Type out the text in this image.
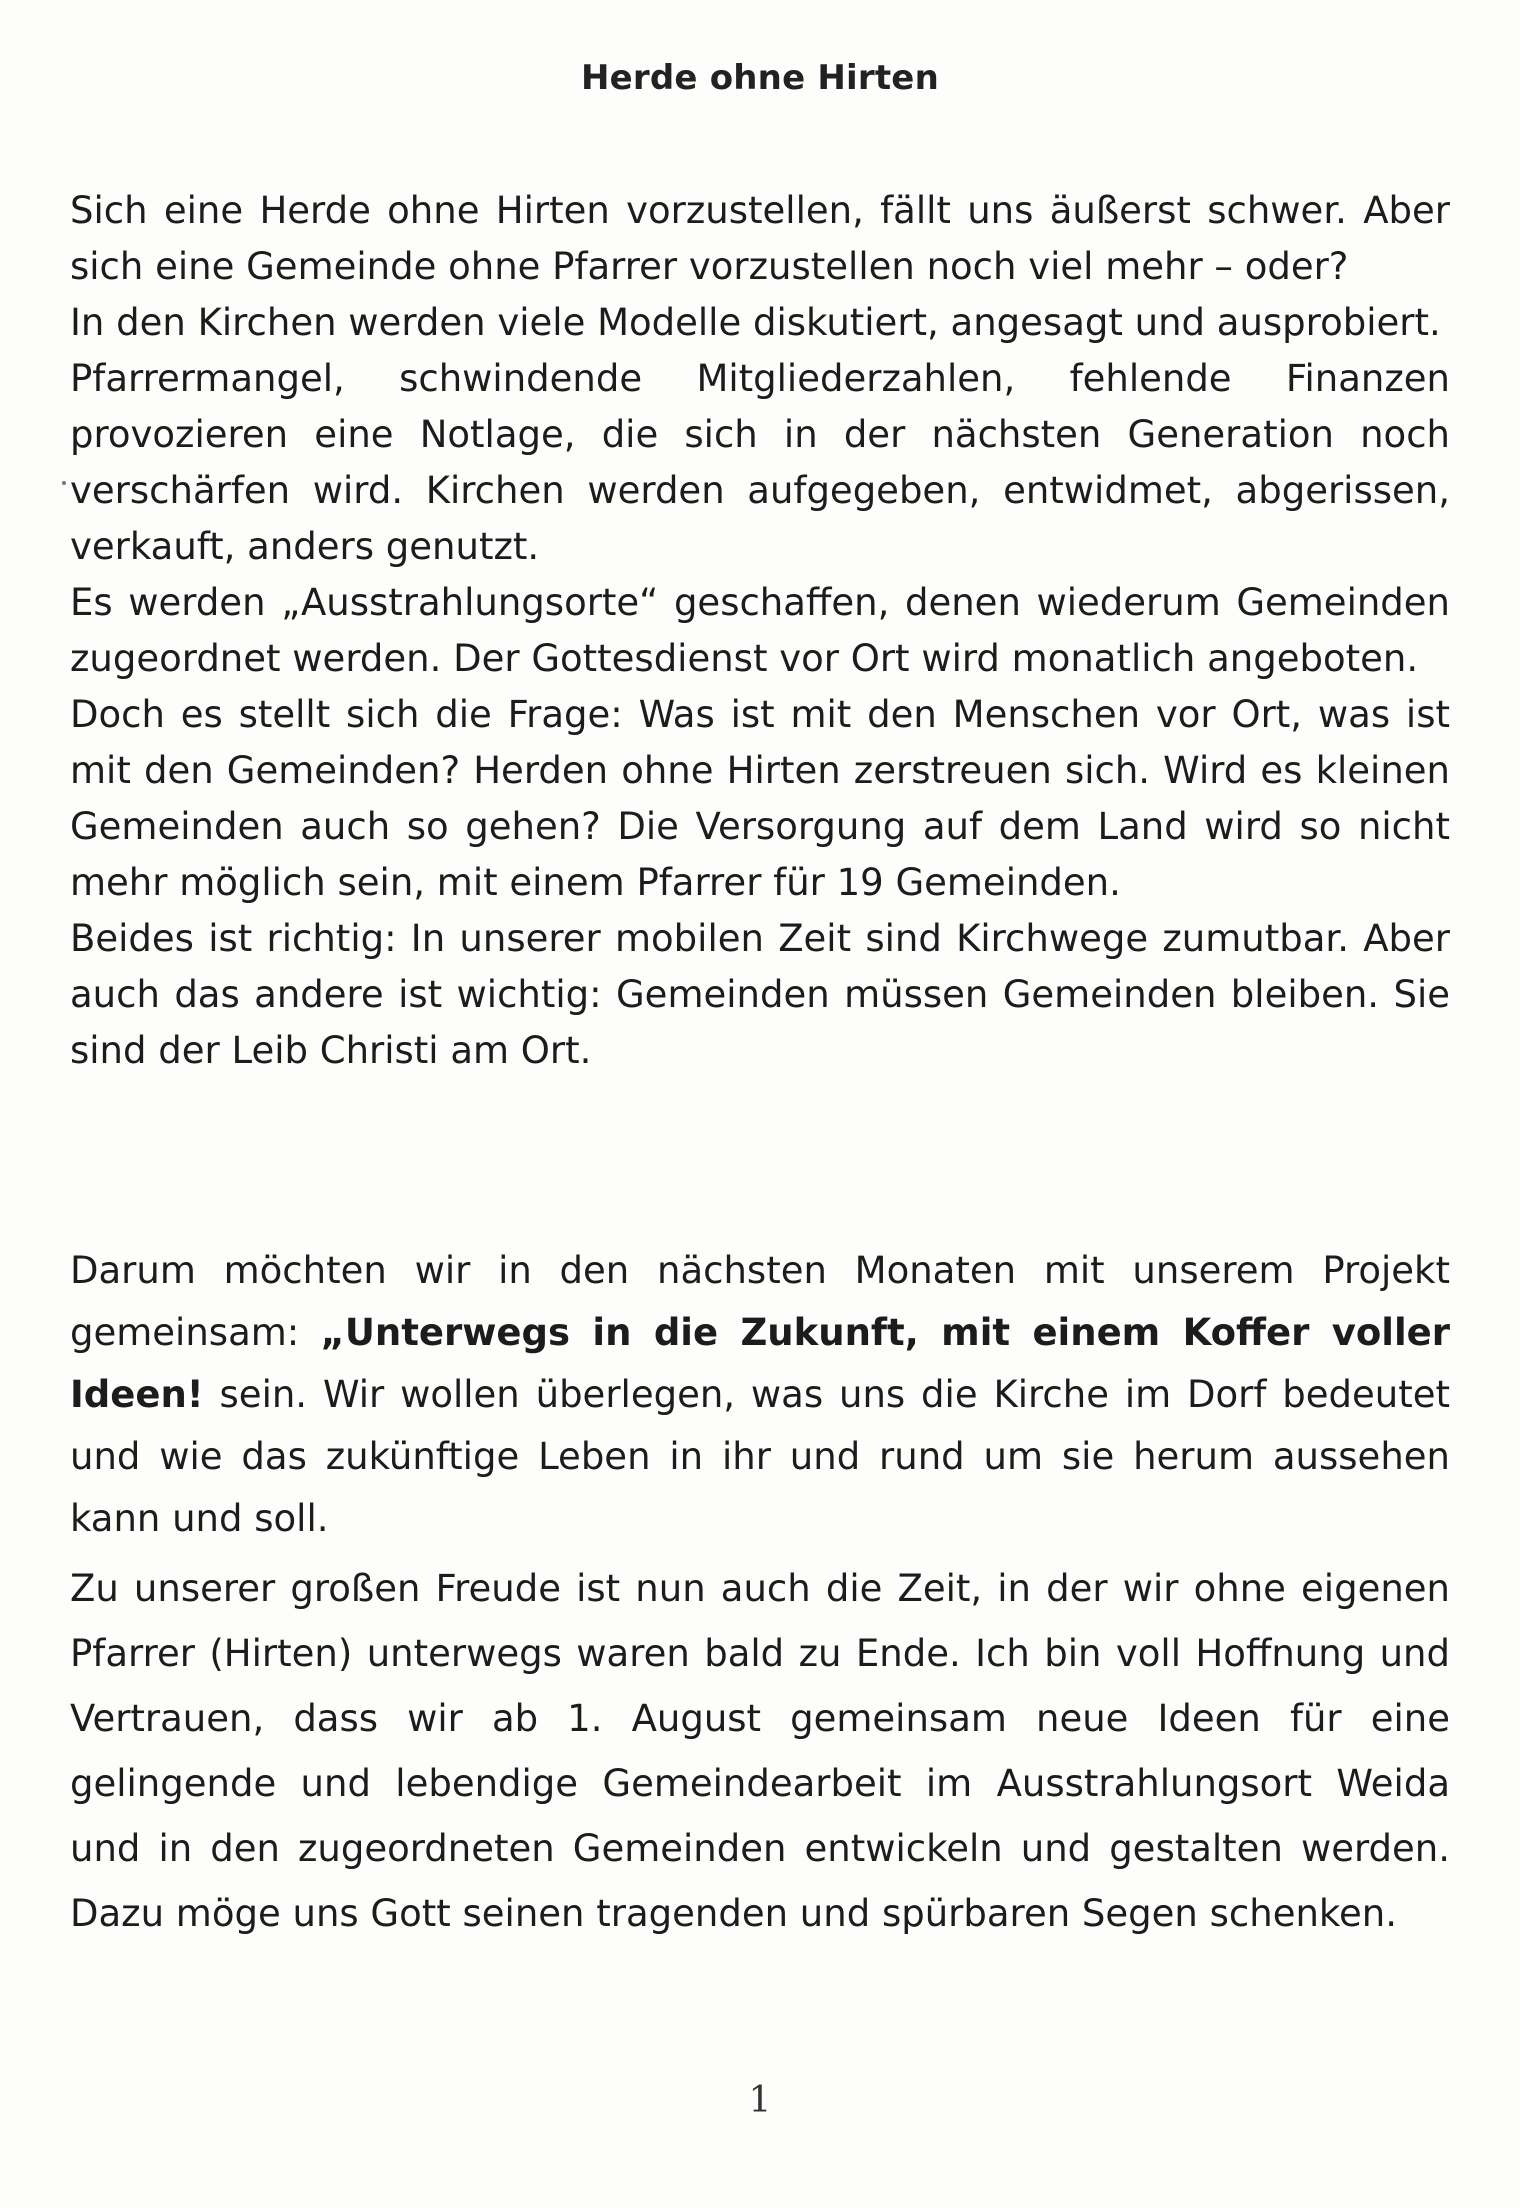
Herde ohne Hirten

Sich eine Herde ohne Hirten vorzustellen, fällt uns äußerst schwer. Aber sich eine Gemeinde ohne Pfarrer vorzustellen noch viel mehr – oder?

In den Kirchen werden viele Modelle diskutiert, angesagt und ausprobiert.

Pfarrermangel, schwindende Mitgliederzahlen, fehlende Finanzen provozieren eine Notlage, die sich in der nächsten Generation noch verschärfen wird. Kirchen werden aufgegeben, entwidmet, abgerissen, verkauft, anders genutzt.

Es werden „Ausstrahlungsorte“ geschaffen, denen wiederum Gemeinden zugeordnet werden. Der Gottesdienst vor Ort wird monatlich angeboten.

Doch es stellt sich die Frage: Was ist mit den Menschen vor Ort, was ist mit den Gemeinden? Herden ohne Hirten zerstreuen sich. Wird es kleinen Gemeinden auch so gehen? Die Versorgung auf dem Land wird so nicht mehr möglich sein, mit einem Pfarrer für 19 Gemeinden.

Beides ist richtig: In unserer mobilen Zeit sind Kirchwege zumutbar. Aber auch das andere ist wichtig: Gemeinden müssen Gemeinden bleiben. Sie sind der Leib Christi am Ort.

Darum möchten wir in den nächsten Monaten mit unserem Projekt gemeinsam: „Unterwegs in die Zukunft, mit einem Koffer voller Ideen! sein. Wir wollen überlegen, was uns die Kirche im Dorf bedeutet und wie das zukünftige Leben in ihr und rund um sie herum aussehen kann und soll.

Zu unserer großen Freude ist nun auch die Zeit, in der wir ohne eigenen Pfarrer (Hirten) unterwegs waren bald zu Ende. Ich bin voll Hoffnung und Vertrauen, dass wir ab 1. August gemeinsam neue Ideen für eine gelingende und lebendige Gemeindearbeit im Ausstrahlungsort Weida und in den zugeordneten Gemeinden entwickeln und gestalten werden. Dazu möge uns Gott seinen tragenden und spürbaren Segen schenken.

1
